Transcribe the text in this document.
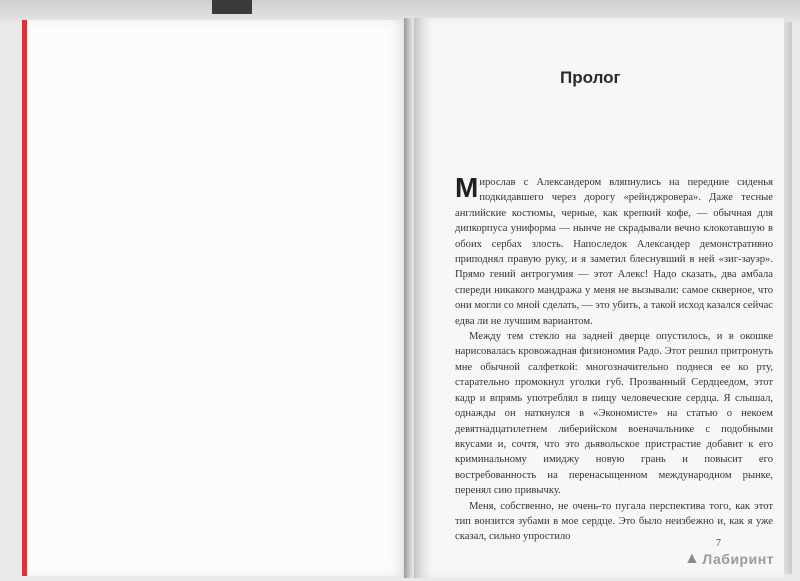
Пролог

Мирослав с Александером вляпнулись на передние сиденья подкидавшего через дорогу «рейнджровера». Даже тесные английские костюмы, черные, как крепкий кофе, — обычная для дипкорпуса униформа — нынче не скрадывали вечно клокотавшую в обоих сербах злость. Напоследок Александер демонстративно приподнял правую руку, и я заметил блеснувший в ней «зиг-зауэр». Прямо гений антрогумия — этот Алекс! Надо сказать, два амбала спереди никакого мандража у меня не вызывали: самое скверное, что они могли со мной сделать, — это убить, а такой исход казался сейчас едва ли не лучшим вариантом.

Между тем стекло на задней дверце опустилось, и в окошке нарисовалась кровожадная физиономия Радо. Этот решил притронуть мне обычной салфеткой: многозначительно поднеся ее ко рту, старательно промокнул уголки губ. Прозванный Сердцеедом, этот кадр и впрямь употреблял в пищу человеческие сердца. Я слышал, однажды он наткнулся в «Экономисте» на статью о некоем девятнадцатилетнем либерийском военачальнике с подобными вкусами и, сочтя, что это дьявольское пристрастие добавит к его криминальному имиджу новую грань и повысит его востребованность на перенасыщенном международном рынке, перенял сию привычку.

Меня, собственно, не очень-то пугала перспектива того, как этот тип вонзится зубами в мое сердце. Это было неизбежно и, как я уже сказал, сильно упростило

7
▲ Лабиринт
